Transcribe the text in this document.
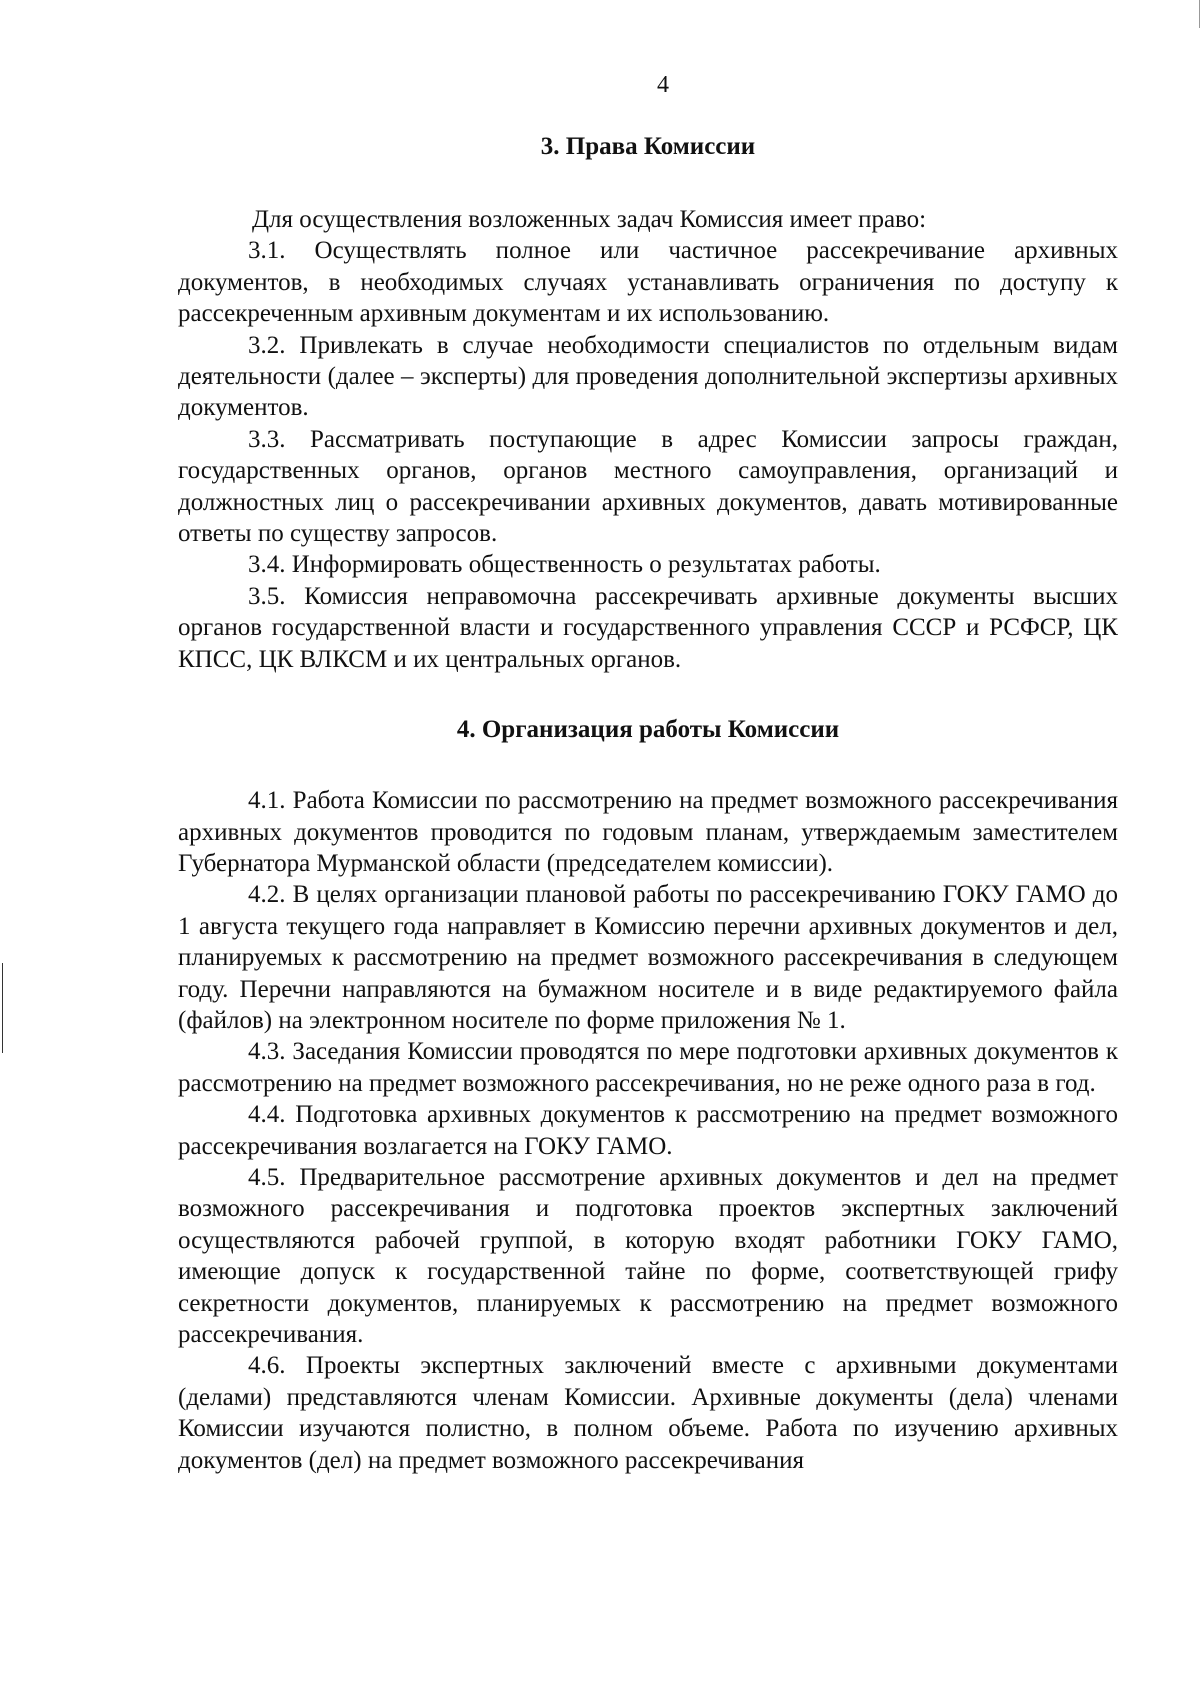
4
3. Права Комиссии

Для осуществления возложенных задач Комиссия имеет право:

3.1. Осуществлять полное или частичное рассекречивание архивных документов, в необходимых случаях устанавливать ограничения по доступу к рассекреченным архивным документам и их использованию.

3.2. Привлекать в случае необходимости специалистов по отдельным видам деятельности (далее – эксперты) для проведения дополнительной экспертизы архивных документов.

3.3. Рассматривать поступающие в адрес Комиссии запросы граждан, государственных органов, органов местного самоуправления, организаций и должностных лиц о рассекречивании архивных документов, давать мотивированные ответы по существу запросов.

3.4. Информировать общественность о результатах работы.

3.5. Комиссия неправомочна рассекречивать архивные документы высших органов государственной власти и государственного управления СССР и РСФСР, ЦК КПСС, ЦК ВЛКСМ и их центральных органов.

4. Организация работы Комиссии

4.1. Работа Комиссии по рассмотрению на предмет возможного рассекречивания архивных документов проводится по годовым планам, утверждаемым заместителем Губернатора Мурманской области (председателем комиссии).

4.2. В целях организации плановой работы по рассекречиванию ГОКУ ГАМО до 1 августа текущего года направляет в Комиссию перечни архивных документов и дел, планируемых к рассмотрению на предмет возможного рассекречивания в следующем году. Перечни направляются на бумажном носителе и в виде редактируемого файла (файлов) на электронном носителе по форме приложения № 1.

4.3. Заседания Комиссии проводятся по мере подготовки архивных документов к рассмотрению на предмет возможного рассекречивания, но не реже одного раза в год.

4.4. Подготовка архивных документов к рассмотрению на предмет возможного рассекречивания возлагается на ГОКУ ГАМО.

4.5. Предварительное рассмотрение архивных документов и дел на предмет возможного рассекречивания и подготовка проектов экспертных заключений осуществляются рабочей группой, в которую входят работники ГОКУ ГАМО, имеющие допуск к государственной тайне по форме, соответствующей грифу секретности документов, планируемых к рассмотрению на предмет возможного рассекречивания.

4.6. Проекты экспертных заключений вместе с архивными документами (делами) представляются членам Комиссии. Архивные документы (дела) членами Комиссии изучаются полистно, в полном объеме. Работа по изучению архивных документов (дел) на предмет возможного рассекречивания
